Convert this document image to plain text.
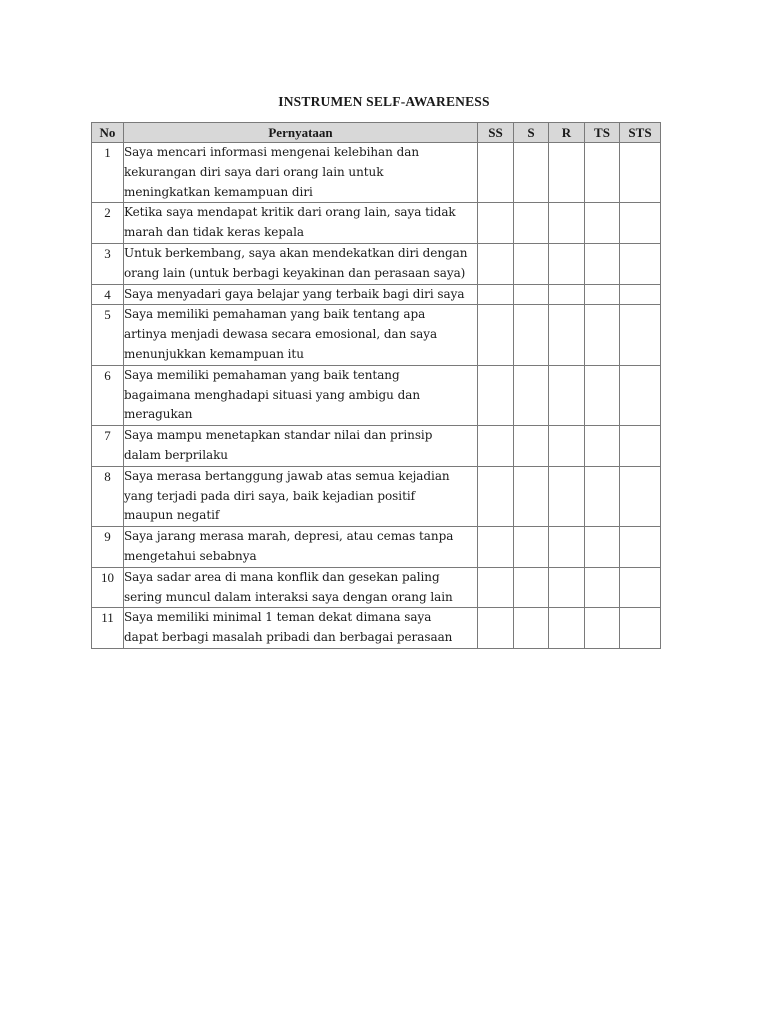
INSTRUMEN SELF-AWARENESS
No	Pernyataan	SS	S	R	TS	STS
1	Saya mencari informasi mengenai kelebihan dan
kekurangan diri saya dari orang lain untuk
meningkatkan kemampuan diri					

2	Ketika saya mendapat kritik dari orang lain, saya tidak
marah dan tidak keras kepala					

3	Untuk berkembang, saya akan mendekatkan diri dengan
orang lain (untuk berbagi keyakinan dan perasaan saya)					

4	Saya menyadari gaya belajar yang terbaik bagi diri saya					

5	Saya memiliki pemahaman yang baik tentang apa
artinya menjadi dewasa secara emosional, dan saya
menunjukkan kemampuan itu					

6	Saya memiliki pemahaman yang baik tentang
bagaimana menghadapi situasi yang ambigu dan
meragukan					

7	Saya mampu menetapkan standar nilai dan prinsip
dalam berprilaku					

8	Saya merasa bertanggung jawab atas semua kejadian
yang terjadi pada diri saya, baik kejadian positif
maupun negatif					

9	Saya jarang merasa marah, depresi, atau cemas tanpa
mengetahui sebabnya					

10	Saya sadar area di mana konflik dan gesekan paling
sering muncul dalam interaksi saya dengan orang lain					

11	Saya memiliki minimal 1 teman dekat dimana saya
dapat berbagi masalah pribadi dan berbagai perasaan					
